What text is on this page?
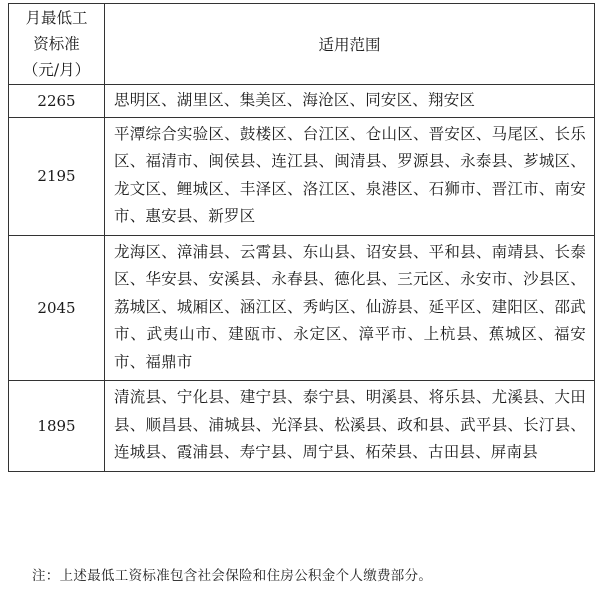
月最低工
资标准
（元/月）	适用范围
2265	思明区、湖里区、集美区、海沧区、同安区、翔安区
2195	平潭综合实验区、鼓楼区、台江区、仓山区、晋安区、马尾区、长乐区、福清市、闽侯县、连江县、闽清县、罗源县、永泰县、芗城区、龙文区、鲤城区、丰泽区、洛江区、泉港区、石狮市、晋江市、南安市、惠安县、新罗区
2045	龙海区、漳浦县、云霄县、东山县、诏安县、平和县、南靖县、长泰区、华安县、安溪县、永春县、德化县、三元区、永安市、沙县区、荔城区、城厢区、涵江区、秀屿区、仙游县、延平区、建阳区、邵武市、武夷山市、建瓯市、永定区、漳平市、上杭县、蕉城区、福安市、福鼎市
1895	清流县、宁化县、建宁县、泰宁县、明溪县、将乐县、尤溪县、大田县、顺昌县、浦城县、光泽县、松溪县、政和县、武平县、长汀县、连城县、霞浦县、寿宁县、周宁县、柘荣县、古田县、屏南县
注：上述最低工资标准包含社会保险和住房公积金个人缴费部分。
